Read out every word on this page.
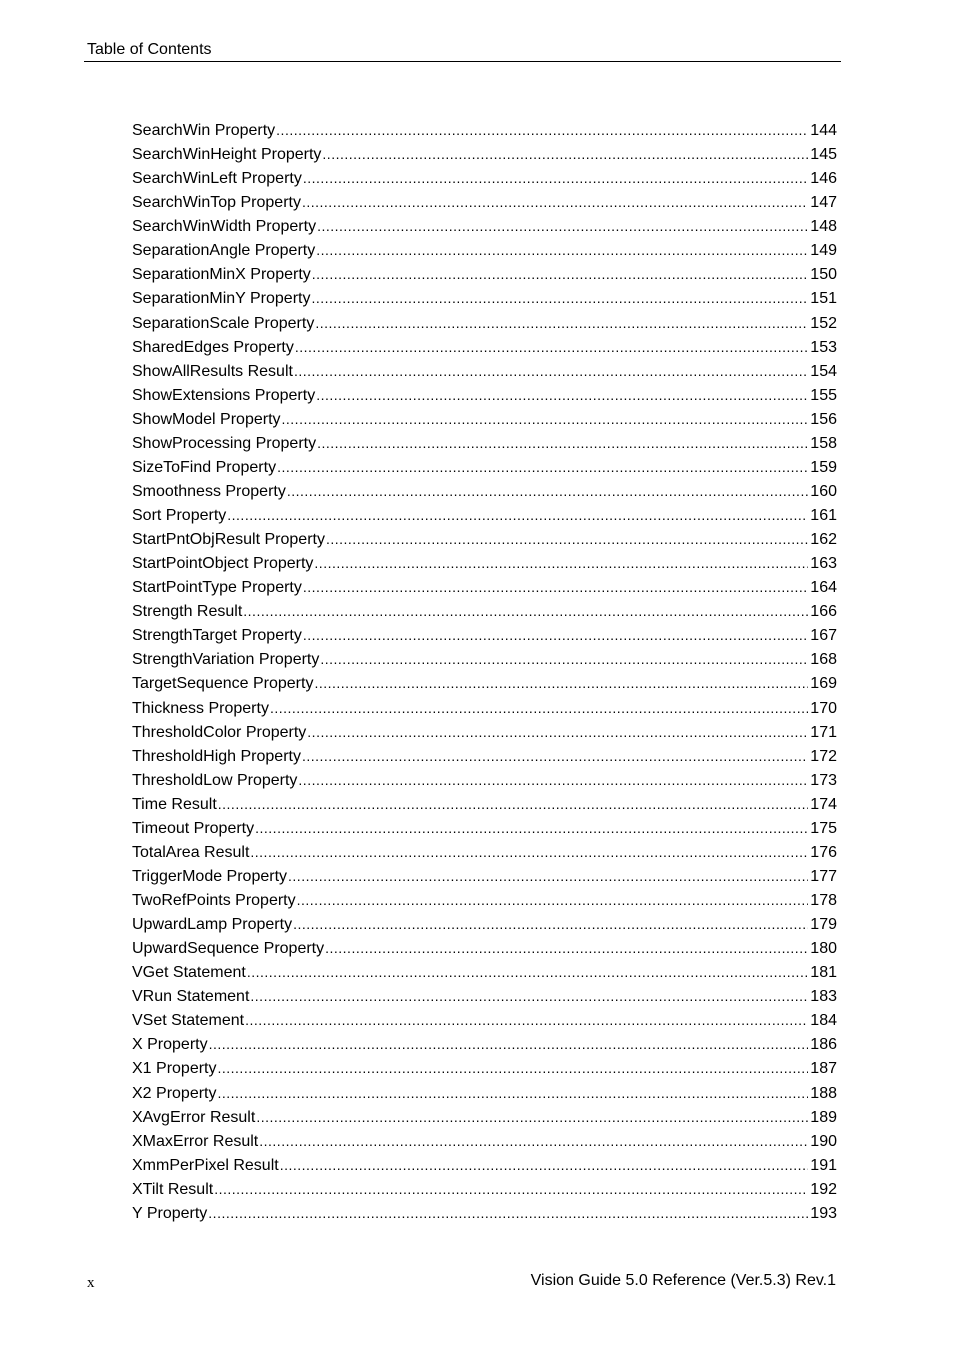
Table of Contents
SearchWin Property .....	144
SearchWinHeight Property .....	145
SearchWinLeft Property .....	146
SearchWinTop Property .....	147
SearchWinWidth Property .....	148
SeparationAngle Property .....	149
SeparationMinX Property .....	150
SeparationMinY Property .....	151
SeparationScale Property .....	152
SharedEdges Property .....	153
ShowAllResults Result .....	154
ShowExtensions Property .....	155
ShowModel Property .....	156
ShowProcessing Property .....	158
SizeToFind Property .....	159
Smoothness Property .....	160
Sort Property .....	161
StartPntObjResult Property .....	162
StartPointObject Property .....	163
StartPointType Property .....	164
Strength Result .....	166
StrengthTarget Property .....	167
StrengthVariation Property .....	168
TargetSequence Property .....	169
Thickness Property .....	170
ThresholdColor Property .....	171
ThresholdHigh Property .....	172
ThresholdLow Property .....	173
Time Result .....	174
Timeout Property .....	175
TotalArea Result .....	176
TriggerMode Property .....	177
TwoRefPoints Property .....	178
UpwardLamp Property .....	179
UpwardSequence Property .....	180
VGet Statement .....	181
VRun Statement .....	183
VSet Statement .....	184
X Property .....	186
X1 Property .....	187
X2 Property .....	188
XAvgError Result .....	189
XMaxError Result .....	190
XmmPerPixel Result .....	191
XTilt Result .....	192
Y Property .....	193
x	Vision Guide 5.0 Reference (Ver.5.3) Rev.1
